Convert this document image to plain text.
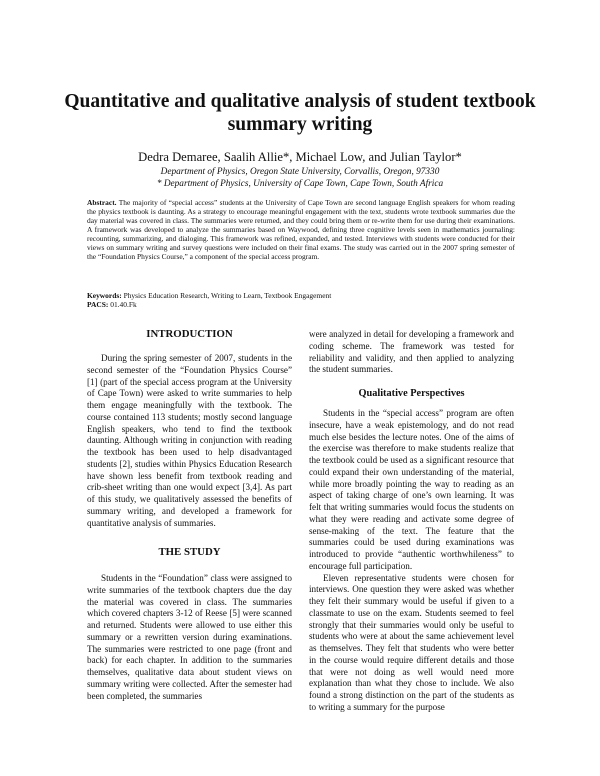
Quantitative and qualitative analysis of student textbook
summary writing
Dedra Demaree, Saalih Allie*, Michael Low, and Julian Taylor*
Department of Physics, Oregon State University, Corvallis, Oregon, 97330
* Department of Physics, University of Cape Town, Cape Town, South Africa
Abstract. The majority of “special access” students at the University of Cape Town are second language English speakers for whom reading the physics textbook is daunting. As a strategy to encourage meaningful engagement with the text, students wrote textbook summaries due the day material was covered in class. The summaries were returned, and they could bring them or re-write them for use during their examinations. A framework was developed to analyze the summaries based on Waywood, defining three cognitive levels seen in mathematics journaling: recounting, summarizing, and dialoging. This framework was refined, expanded, and tested. Interviews with students were conducted for their views on summary writing and survey questions were included on their final exams. The study was carried out in the 2007 spring semester of the “Foundation Physics Course,” a component of the special access program.
Keywords: Physics Education Research, Writing to Learn, Textbook Engagement
PACS: 01.40.Fk
INTRODUCTION

During the spring semester of 2007, students in the second semester of the “Foundation Physics Course” [1] (part of the special access program at the University of Cape Town) were asked to write summaries to help them engage meaningfully with the textbook. The course contained 113 students; mostly second language English speakers, who tend to find the textbook daunting. Although writing in conjunction with reading the textbook has been used to help disadvantaged students [2], studies within Physics Education Research have shown less benefit from textbook reading and crib-sheet writing than one would expect [3,4]. As part of this study, we qualitatively assessed the benefits of summary writing, and developed a framework for quantitative analysis of summaries.

THE STUDY

Students in the “Foundation” class were assigned to write summaries of the textbook chapters due the day the material was covered in class. The summaries which covered chapters 3-12 of Reese [5] were scanned and returned. Students were allowed to use either this summary or a rewritten version during examinations. The summaries were restricted to one page (front and back) for each chapter. In addition to the summaries themselves, qualitative data about student views on summary writing were collected. After the semester had been completed, the summaries

were analyzed in detail for developing a framework and coding scheme. The framework was tested for reliability and validity, and then applied to analyzing the student summaries.

Qualitative Perspectives

Students in the “special access” program are often insecure, have a weak epistemology, and do not read much else besides the lecture notes. One of the aims of the exercise was therefore to make students realize that the textbook could be used as a significant resource that could expand their own understanding of the material, while more broadly pointing the way to reading as an aspect of taking charge of one’s own learning. It was felt that writing summaries would focus the students on what they were reading and activate some degree of sense-making of the text. The feature that the summaries could be used during examinations was introduced to provide “authentic worthwhileness” to encourage full participation.

Eleven representative students were chosen for interviews. One question they were asked was whether they felt their summary would be useful if given to a classmate to use on the exam. Students seemed to feel strongly that their summaries would only be useful to students who were at about the same achievement level as themselves. They felt that students who were better in the course would require different details and those that were not doing as well would need more explanation than what they chose to include. We also found a strong distinction on the part of the students as to writing a summary for the purpose
